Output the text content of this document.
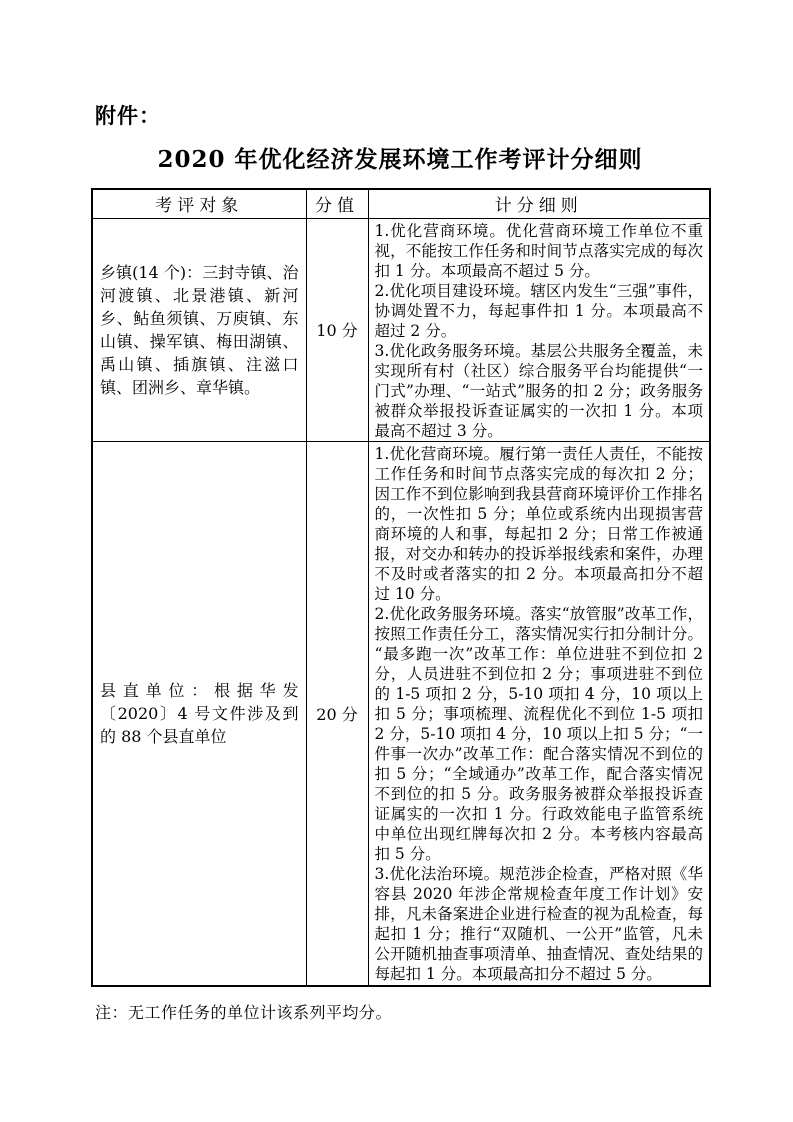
附件：
2020 年优化经济发展环境工作考评计分细则
考评对象	分值	计分细则
乡镇(14 个)：三封寺镇、治河渡镇、北景港镇、新河乡、鲇鱼须镇、万庾镇、东山镇、操军镇、梅田湖镇、禹山镇、插旗镇、注滋口镇、团洲乡、章华镇。	10 分	1.优化营商环境。优化营商环境工作单位不重视，不能按工作任务和时间节点落实完成的每次扣 1 分。本项最高不超过 5 分。

2.优化项目建设环境。辖区内发生“三强”事件，协调处置不力，每起事件扣 1 分。本项最高不超过 2 分。

3.优化政务服务环境。基层公共服务全覆盖，未实现所有村（社区）综合服务平台均能提供“一门式”办理、“一站式”服务的扣 2 分；政务服务被群众举报投诉查证属实的一次扣 1 分。本项最高不超过 3 分。

县直单位：根据华发〔2020〕4 号文件涉及到的 88 个县直单位	20 分	1.优化营商环境。履行第一责任人责任，不能按工作任务和时间节点落实完成的每次扣 2 分；因工作不到位影响到我县营商环境评价工作排名的，一次性扣 5 分；单位或系统内出现损害营商环境的人和事，每起扣 2 分；日常工作被通报，对交办和转办的投诉举报线索和案件，办理不及时或者落实的扣 2 分。本项最高扣分不超过 10 分。

2.优化政务服务环境。落实“放管服”改革工作，按照工作责任分工，落实情况实行扣分制计分。“最多跑一次”改革工作：单位进驻不到位扣 2 分，人员进驻不到位扣 2 分；事项进驻不到位的 1-5 项扣 2 分，5-10 项扣 4 分，10 项以上扣 5 分；事项梳理、流程优化不到位 1-5 项扣 2 分，5-10 项扣 4 分，10 项以上扣 5 分；“一件事一次办”改革工作：配合落实情况不到位的扣 5 分；“全域通办”改革工作，配合落实情况不到位的扣 5 分。政务服务被群众举报投诉查证属实的一次扣 1 分。行政效能电子监管系统中单位出现红牌每次扣 2 分。本考核内容最高扣 5 分。

3.优化法治环境。规范涉企检查，严格对照《华容县 2020 年涉企常规检查年度工作计划》安排，凡未备案进企业进行检查的视为乱检查，每起扣 1 分；推行“双随机、一公开”监管，凡未公开随机抽查事项清单、抽查情况、查处结果的每起扣 1 分。本项最高扣分不超过 5 分。

注：无工作任务的单位计该系列平均分。
